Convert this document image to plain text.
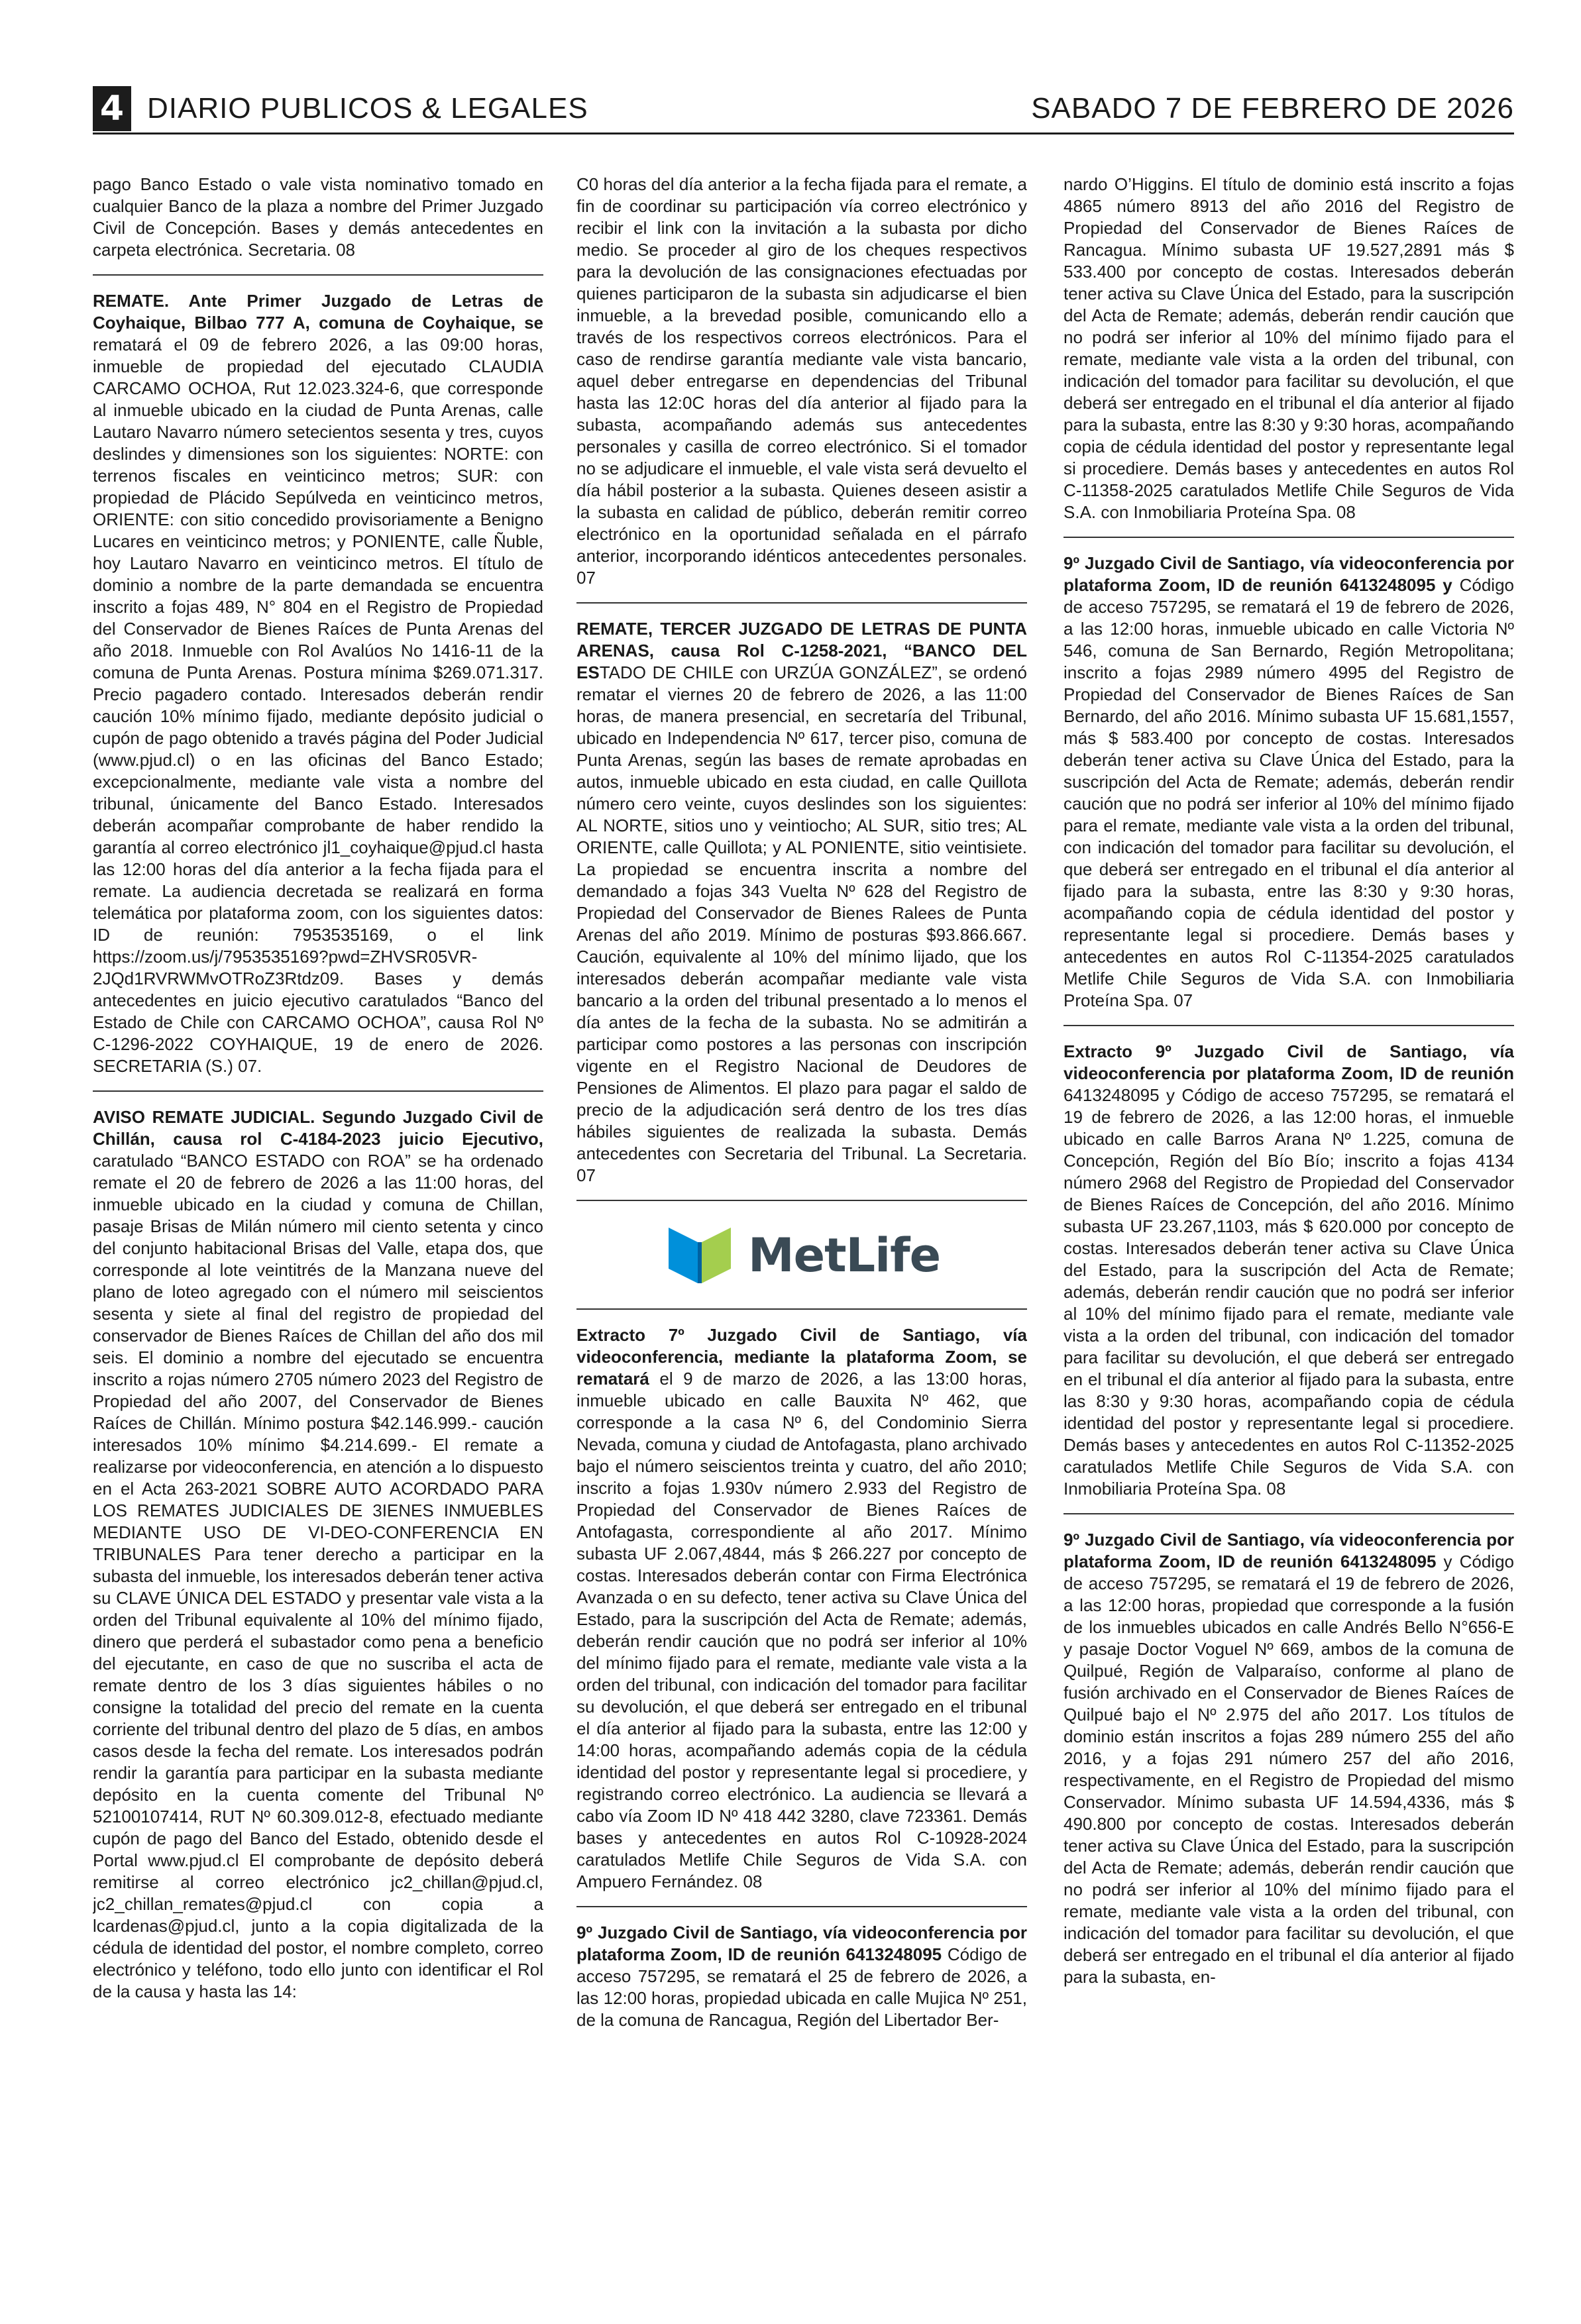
4 DIARIO PUBLICOS & LEGALES	SABADO 7 DE FEBRERO DE 2026

pago Banco Estado o vale vista nominativo tomado en cualquier Banco de la plaza a nombre del Primer Juzgado Civil de Concepción. Bases y demás antecedentes en carpeta electrónica. Secretaria. 08

REMATE. Ante Primer Juzgado de Letras de Coyhaique, Bilbao 777 A, comuna de Coyhaique, se rematará el 09 de febrero 2026, a las 09:00 horas, inmueble de propiedad del ejecutado CLAUDIA CARCAMO OCHOA, Rut 12.023.324-6, que corresponde al inmueble ubicado en la ciudad de Punta Arenas, calle Lautaro Navarro número setecientos sesenta y tres, cuyos deslindes y dimensiones son los siguientes: NORTE: con terrenos fiscales en veinticinco metros; SUR: con propiedad de Plácido Sepúlveda en veinticinco metros, ORIENTE: con sitio concedido provisoriamente a Benigno Lucares en veinticinco metros; y PONIENTE, calle Ñuble, hoy Lautaro Navarro en veinticinco metros. El título de dominio a nombre de la parte demandada se encuentra inscrito a fojas 489, N° 804 en el Registro de Propiedad del Conservador de Bienes Raíces de Punta Arenas del año 2018. Inmueble con Rol Avalúos No 1416-11 de la comuna de Punta Arenas. Postura mínima $269.071.317. Precio pagadero contado. Interesados deberán rendir caución 10% mínimo fijado, mediante depósito judicial o cupón de pago obtenido a través página del Poder Judicial (www.pjud.cl) o en las oficinas del Banco Estado; excepcionalmente, mediante vale vista a nombre del tribunal, únicamente del Banco Estado. Interesados deberán acompañar comprobante de haber rendido la garantía al correo electrónico jl1_coyhaique@pjud.cl hasta las 12:00 horas del día anterior a la fecha fijada para el remate. La audiencia decretada se realizará en forma telemática por plataforma zoom, con los siguientes datos: ID de reunión: 7953535169, o el link https://zoom.us/j/7953535169?pwd=ZHVSR05VR-2JQd1RVRWMvOTRoZ3Rtdz09. Bases y demás antecedentes en juicio ejecutivo caratulados “Banco del Estado de Chile con CARCAMO OCHOA”, causa Rol Nº C-1296-2022 COYHAIQUE, 19 de enero de 2026. SECRETARIA (S.) 07.

AVISO REMATE JUDICIAL. Segundo Juzgado Civil de Chillán, causa rol C-4184-2023 juicio Ejecutivo, caratulado “BANCO ESTADO con ROA” se ha ordenado remate el 20 de febrero de 2026 a las 11:00 horas, del inmueble ubicado en la ciudad y comuna de Chillan, pasaje Brisas de Milán número mil ciento setenta y cinco del conjunto habitacional Brisas del Valle, etapa dos, que corresponde al lote veintitrés de la Manzana nueve del plano de loteo agregado con el número mil seiscientos sesenta y siete al final del registro de propiedad del conservador de Bienes Raíces de Chillan del año dos mil seis. El dominio a nombre del ejecutado se encuentra inscrito a rojas número 2705 número 2023 del Registro de Propiedad del año 2007, del Conservador de Bienes Raíces de Chillán. Mínimo postura $42.146.999.- caución interesados 10% mínimo $4.214.699.- El remate a realizarse por videoconferencia, en atención a lo dispuesto en el Acta 263-2021 SOBRE AUTO ACORDADO PARA LOS REMATES JUDICIALES DE 3IENES INMUEBLES MEDIANTE USO DE VI-DEO-CONFERENCIA EN TRIBUNALES Para tener derecho a participar en la subasta del inmueble, los interesados deberán tener activa su CLAVE ÚNICA DEL ESTADO y presentar vale vista a la orden del Tribunal equivalente al 10% del mínimo fijado, dinero que perderá el subastador como pena a beneficio del ejecutante, en caso de que no suscriba el acta de remate dentro de los 3 días siguientes hábiles o no consigne la totalidad del precio del remate en la cuenta corriente del tribunal dentro del plazo de 5 días, en ambos casos desde la fecha del remate. Los interesados podrán rendir la garantía para participar en la subasta mediante depósito en la cuenta comente del Tribunal Nº 52100107414, RUT Nº 60.309.012-8, efectuado mediante cupón de pago del Banco del Estado, obtenido desde el Portal www.pjud.cl El comprobante de depósito deberá remitirse al correo electrónico jc2_chillan@pjud.cl, jc2_chillan_remates@pjud.cl con copia a lcardenas@pjud.cl, junto a la copia digitalizada de la cédula de identidad del postor, el nombre completo, correo electrónico y teléfono, todo ello junto con identificar el Rol de la causa y hasta las 14:

C0 horas del día anterior a la fecha fijada para el remate, a fin de coordinar su participación vía correo electrónico y recibir el link con la invitación a la subasta por dicho medio. Se proceder al giro de los cheques respectivos para la devolución de las consignaciones efectuadas por quienes participaron de la subasta sin adjudicarse el bien inmueble, a la brevedad posible, comunicando ello a través de los respectivos correos electrónicos. Para el caso de rendirse garantía mediante vale vista bancario, aquel deber entregarse en dependencias del Tribunal hasta las 12:0C horas del día anterior al fijado para la subasta, acompañando además sus antecedentes personales y casilla de correo electrónico. Si el tomador no se adjudicare el inmueble, el vale vista será devuelto el día hábil posterior a la subasta. Quienes deseen asistir a la subasta en calidad de público, deberán remitir correo electrónico en la oportunidad señalada en el párrafo anterior, incorporando idénticos antecedentes personales. 07

REMATE, TERCER JUZGADO DE LETRAS DE PUNTA ARENAS, causa Rol C-1258-2021, “BANCO DEL ESTADO DE CHILE con URZÚA GONZÁLEZ”, se ordenó rematar el viernes 20 de febrero de 2026, a las 11:00 horas, de manera presencial, en secretaría del Tribunal, ubicado en Independencia Nº 617, tercer piso, comuna de Punta Arenas, según las bases de remate aprobadas en autos, inmueble ubicado en esta ciudad, en calle Quillota número cero veinte, cuyos deslindes son los siguientes: AL NORTE, sitios uno y veintiocho; AL SUR, sitio tres; AL ORIENTE, calle Quillota; y AL PONIENTE, sitio veintisiete. La propiedad se encuentra inscrita a nombre del demandado a fojas 343 Vuelta Nº 628 del Registro de Propiedad del Conservador de Bienes Ralees de Punta Arenas del año 2019. Mínimo de posturas $93.866.667. Caución, equivalente al 10% del mínimo lijado, que los interesados deberán acompañar mediante vale vista bancario a la orden del tribunal presentado a lo menos el día antes de la fecha de la subasta. No se admitirán a participar como postores a las personas con inscripción vigente en el Registro Nacional de Deudores de Pensiones de Alimentos. El plazo para pagar el saldo de precio de la adjudicación será dentro de los tres días hábiles siguientes de realizada la subasta. Demás antecedentes con Secretaria del Tribunal. La Secretaria. 07

MetLife

Extracto 7º Juzgado Civil de Santiago, vía videoconferencia, mediante la plataforma Zoom, se rematará el 9 de marzo de 2026, a las 13:00 horas, inmueble ubicado en calle Bauxita Nº 462, que corresponde a la casa Nº 6, del Condominio Sierra Nevada, comuna y ciudad de Antofagasta, plano archivado bajo el número seiscientos treinta y cuatro, del año 2010; inscrito a fojas 1.930v número 2.933 del Registro de Propiedad del Conservador de Bienes Raíces de Antofagasta, correspondiente al año 2017. Mínimo subasta UF 2.067,4844, más $ 266.227 por concepto de costas. Interesados deberán contar con Firma Electrónica Avanzada o en su defecto, tener activa su Clave Única del Estado, para la suscripción del Acta de Remate; además, deberán rendir caución que no podrá ser inferior al 10% del mínimo fijado para el remate, mediante vale vista a la orden del tribunal, con indicación del tomador para facilitar su devolución, el que deberá ser entregado en el tribunal el día anterior al fijado para la subasta, entre las 12:00 y 14:00 horas, acompañando además copia de la cédula identidad del postor y representante legal si procediere, y registrando correo electrónico. La audiencia se llevará a cabo vía Zoom ID Nº 418 442 3280, clave 723361. Demás bases y antecedentes en autos Rol C-10928-2024 caratulados Metlife Chile Seguros de Vida S.A. con Ampuero Fernández. 08

9º Juzgado Civil de Santiago, vía videoconferencia por plataforma Zoom, ID de reunión 6413248095 Código de acceso 757295, se rematará el 25 de febrero de 2026, a las 12:00 horas, propiedad ubicada en calle Mujica Nº 251, de la comuna de Rancagua, Región del Libertador Ber-

nardo O’Higgins. El título de dominio está inscrito a fojas 4865 número 8913 del año 2016 del Registro de Propiedad del Conservador de Bienes Raíces de Rancagua. Mínimo subasta UF 19.527,2891 más $ 533.400 por concepto de costas. Interesados deberán tener activa su Clave Única del Estado, para la suscripción del Acta de Remate; además, deberán rendir caución que no podrá ser inferior al 10% del mínimo fijado para el remate, mediante vale vista a la orden del tribunal, con indicación del tomador para facilitar su devolución, el que deberá ser entregado en el tribunal el día anterior al fijado para la subasta, entre las 8:30 y 9:30 horas, acompañando copia de cédula identidad del postor y representante legal si procediere. Demás bases y antecedentes en autos Rol C-11358-2025 caratulados Metlife Chile Seguros de Vida S.A. con Inmobiliaria Proteína Spa. 08

9º Juzgado Civil de Santiago, vía videoconferencia por plataforma Zoom, ID de reunión 6413248095 y Código de acceso 757295, se rematará el 19 de febrero de 2026, a las 12:00 horas, inmueble ubicado en calle Victoria Nº 546, comuna de San Bernardo, Región Metropolitana; inscrito a fojas 2989 número 4995 del Registro de Propiedad del Conservador de Bienes Raíces de San Bernardo, del año 2016. Mínimo subasta UF 15.681,1557, más $ 583.400 por concepto de costas. Interesados deberán tener activa su Clave Única del Estado, para la suscripción del Acta de Remate; además, deberán rendir caución que no podrá ser inferior al 10% del mínimo fijado para el remate, mediante vale vista a la orden del tribunal, con indicación del tomador para facilitar su devolución, el que deberá ser entregado en el tribunal el día anterior al fijado para la subasta, entre las 8:30 y 9:30 horas, acompañando copia de cédula identidad del postor y representante legal si procediere. Demás bases y antecedentes en autos Rol C-11354-2025 caratulados Metlife Chile Seguros de Vida S.A. con Inmobiliaria Proteína Spa. 07

Extracto 9º Juzgado Civil de Santiago, vía videoconferencia por plataforma Zoom, ID de reunión 6413248095 y Código de acceso 757295, se rematará el 19 de febrero de 2026, a las 12:00 horas, el inmueble ubicado en calle Barros Arana Nº 1.225, comuna de Concepción, Región del Bío Bío; inscrito a fojas 4134 número 2968 del Registro de Propiedad del Conservador de Bienes Raíces de Concepción, del año 2016. Mínimo subasta UF 23.267,1103, más $ 620.000 por concepto de costas. Interesados deberán tener activa su Clave Única del Estado, para la suscripción del Acta de Remate; además, deberán rendir caución que no podrá ser inferior al 10% del mínimo fijado para el remate, mediante vale vista a la orden del tribunal, con indicación del tomador para facilitar su devolución, el que deberá ser entregado en el tribunal el día anterior al fijado para la subasta, entre las 8:30 y 9:30 horas, acompañando copia de cédula identidad del postor y representante legal si procediere. Demás bases y antecedentes en autos Rol C-11352-2025 caratulados Metlife Chile Seguros de Vida S.A. con Inmobiliaria Proteína Spa. 08

9º Juzgado Civil de Santiago, vía videoconferencia por plataforma Zoom, ID de reunión 6413248095 y Código de acceso 757295, se rematará el 19 de febrero de 2026, a las 12:00 horas, propiedad que corresponde a la fusión de los inmuebles ubicados en calle Andrés Bello N°656-E y pasaje Doctor Voguel Nº 669, ambos de la comuna de Quilpué, Región de Valparaíso, conforme al plano de fusión archivado en el Conservador de Bienes Raíces de Quilpué bajo el Nº 2.975 del año 2017. Los títulos de dominio están inscritos a fojas 289 número 255 del año 2016, y a fojas 291 número 257 del año 2016, respectivamente, en el Registro de Propiedad del mismo Conservador. Mínimo subasta UF 14.594,4336, más $ 490.800 por concepto de costas. Interesados deberán tener activa su Clave Única del Estado, para la suscripción del Acta de Remate; además, deberán rendir caución que no podrá ser inferior al 10% del mínimo fijado para el remate, mediante vale vista a la orden del tribunal, con indicación del tomador para facilitar su devolución, el que deberá ser entregado en el tribunal el día anterior al fijado para la subasta, en-
